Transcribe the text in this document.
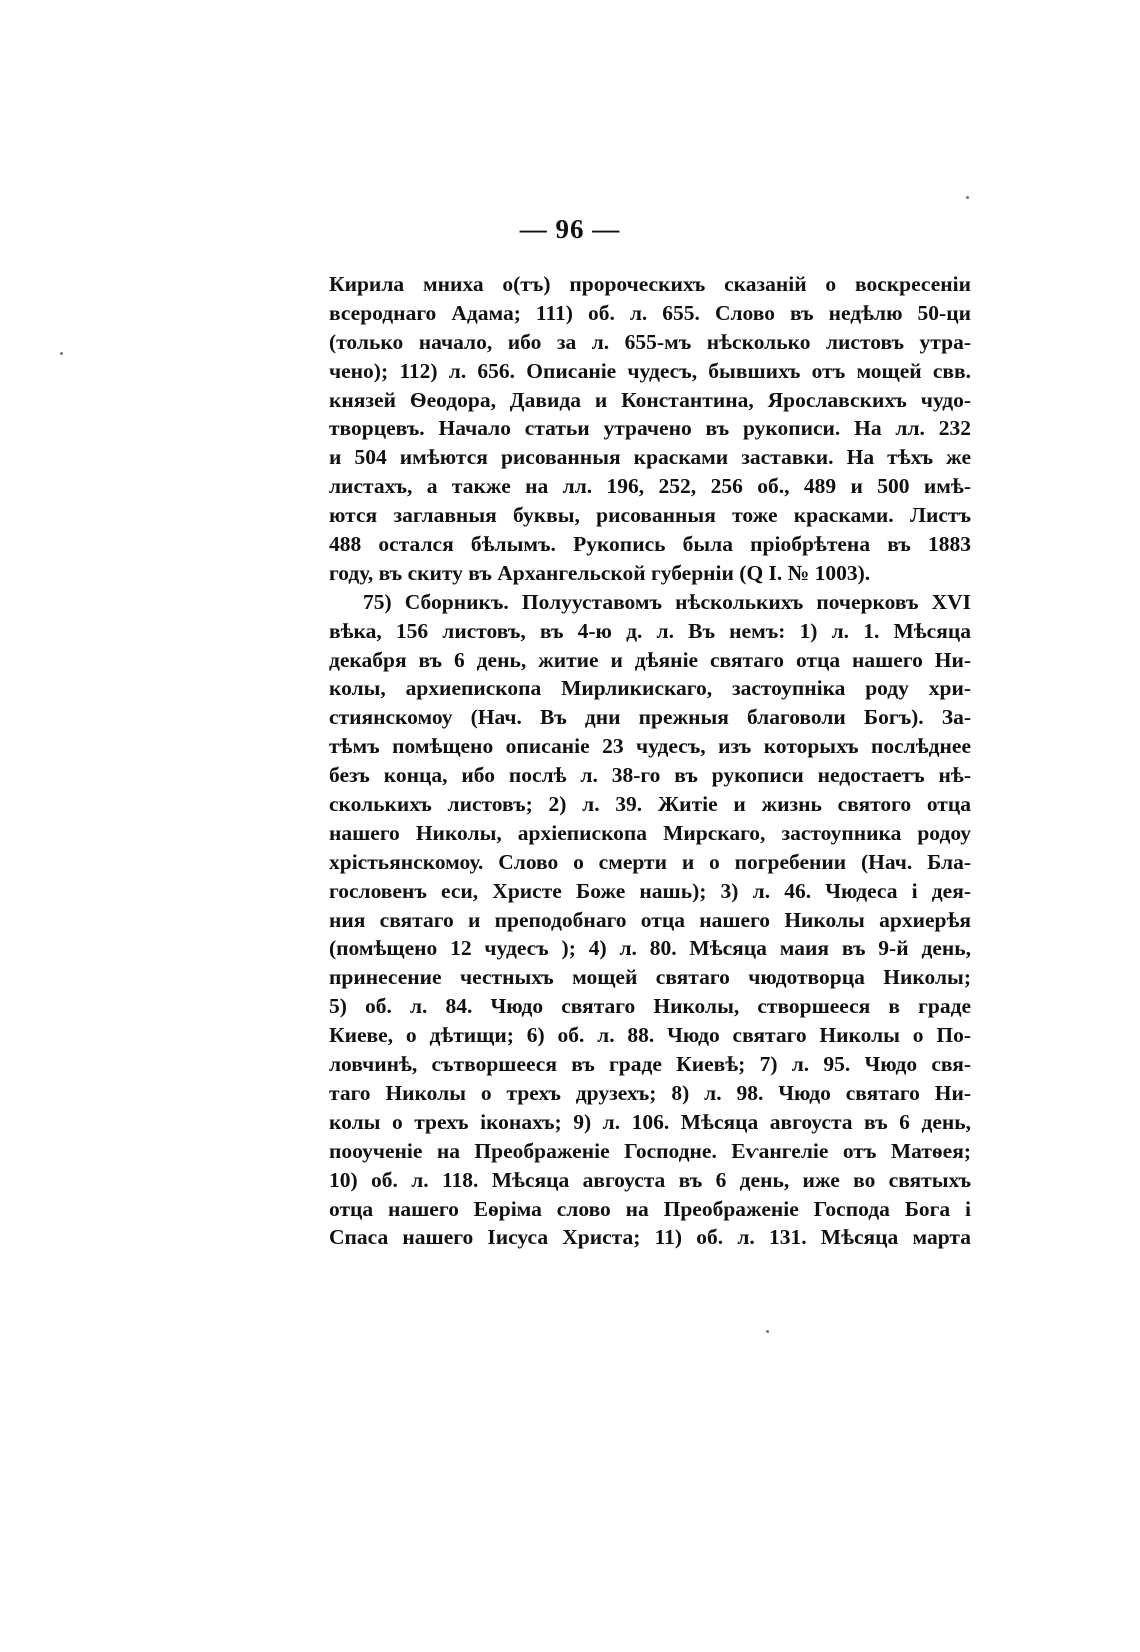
— 96 —
Кирила мниха о(тъ) пророческихъ сказаній о воскресеніи
всероднаго Адама; 111) об. л. 655. Слово въ недѣлю 50-ци
(только начало, ибо за л. 655-мъ нѣсколько листовъ утра-
чено); 112) л. 656. Описаніе чудесъ, бывшихъ отъ мощей свв.
князей Ѳеодора, Давида и Константина, Ярославскихъ чудо-
творцевъ. Начало статьи утрачено въ рукописи. На лл. 232
и 504 имѣются рисованныя красками заставки. На тѣхъ же
листахъ, а также на лл. 196, 252, 256 об., 489 и 500 имѣ-
ются заглавныя буквы, рисованныя тоже красками. Листъ
488 остался бѣлымъ. Рукопись была пріобрѣтена въ 1883
году, въ скиту въ Архангельской губерніи (Q I. № 1003).
75) Сборникъ. Полууставомъ нѣсколькихъ почерковъ XVI
вѣка, 156 листовъ, въ 4-ю д. л. Въ немъ: 1) л. 1. Мѣсяца
декабря въ 6 день, житие и дѣяніе святаго отца нашего Ни-
колы, архиепископа Мирликискаго, застоупніка роду хри-
стиянскомоу (Нач. Въ дни прежныя благоволи Богъ). За-
тѣмъ помѣщено описаніе 23 чудесъ, изъ которыхъ послѣднее
безъ конца, ибо послѣ л. 38-го въ рукописи недостаетъ нѣ-
сколькихъ листовъ; 2) л. 39. Житіе и жизнь святого отца
нашего Николы, архіепископа Мирскаго, застоупника родоу
хрістьянскомоу. Слово о смерти и о погребении (Нач. Бла-
гословенъ еси, Христе Боже нашь); 3) л. 46. Чюдеса і дея-
ния святаго и преподобнаго отца нашего Николы архиерѣя
(помѣщено 12 чудесъ ); 4) л. 80. Мѣсяца маия въ 9-й день,
принесение честныхъ мощей святаго чюдотворца Николы;
5) об. л. 84. Чюдо святаго Николы, створшееся в граде
Киеве, о дѣтищи; 6) об. л. 88. Чюдо святаго Николы о По-
ловчинѣ, сътворшееся въ граде Киевѣ; 7) л. 95. Чюдо свя-
таго Николы о трехъ друзехъ; 8) л. 98. Чюдо святаго Ни-
колы о трехъ іконахъ; 9) л. 106. Мѣсяца авгоуста въ 6 день,
пооученіе на Преображеніе Господне. Еѵангеліе отъ Матѳея;
10) об. л. 118. Мѣсяца авгоуста въ 6 день, иже во святыхъ
отца нашего Еѳріма слово на Преображеніе Господа Бога і
Спаса нашего Іисуса Христа; 11) об. л. 131. Мѣсяца марта
